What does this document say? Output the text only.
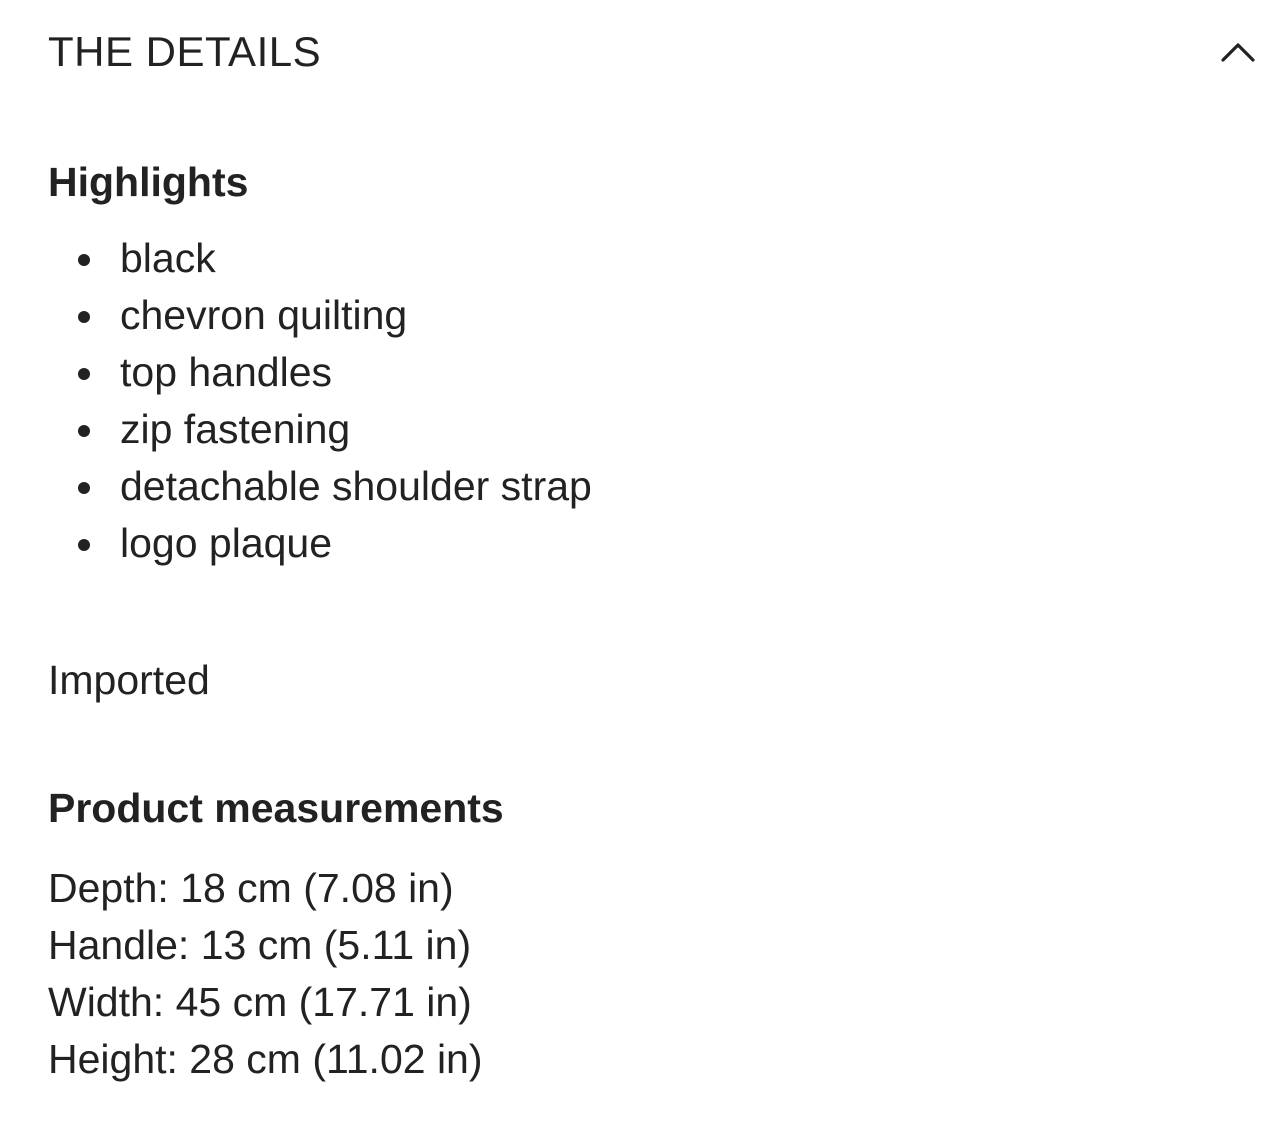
THE DETAILS
Highlights
black
chevron quilting
top handles
zip fastening
detachable shoulder strap
logo plaque
Imported
Product measurements
Depth: 18 cm (7.08 in)
Handle: 13 cm (5.11 in)
Width: 45 cm (17.71 in)
Height: 28 cm (11.02 in)
